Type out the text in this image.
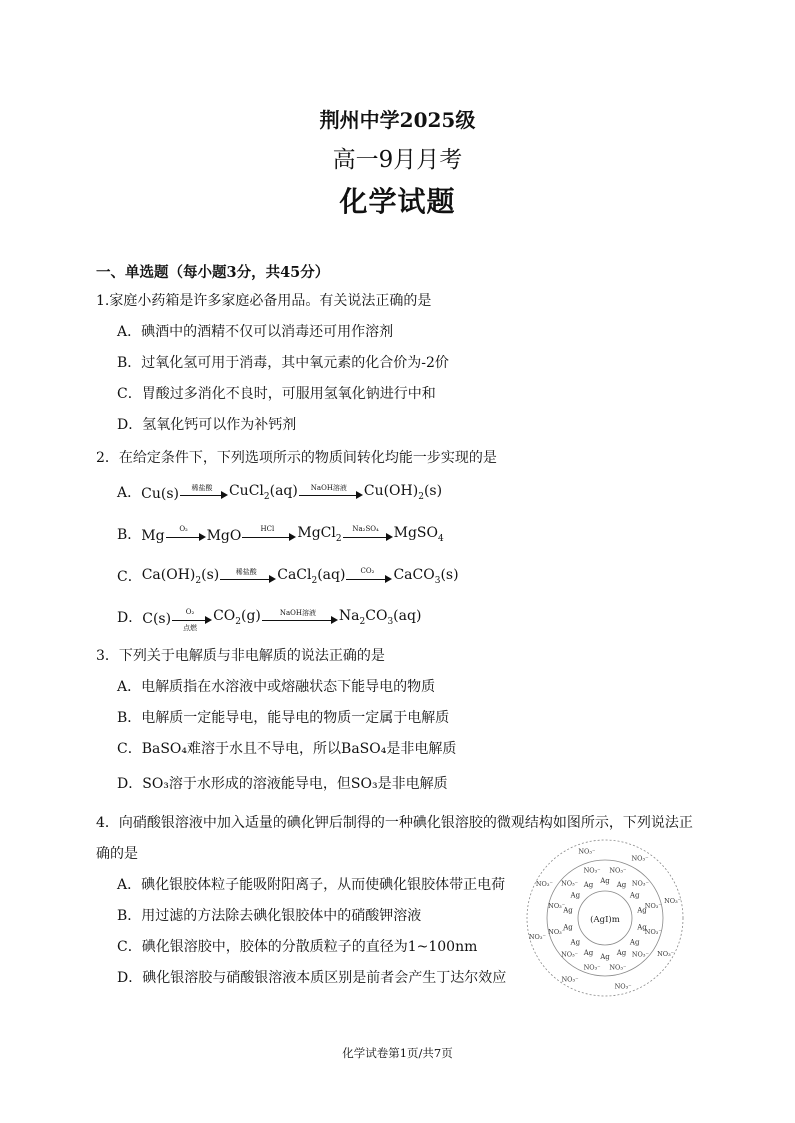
荆州中学2025级
高一9月月考
化学试题
一、单选题（每小题3分，共45分）
1.家庭小药箱是许多家庭必备用品。有关说法正确的是
A．碘酒中的酒精不仅可以消毒还可用作溶剂
B．过氧化氢可用于消毒，其中氧元素的化合价为-2价
C．胃酸过多消化不良时，可服用氢氧化钠进行中和
D．氢氧化钙可以作为补钙剂
2．在给定条件下，下列选项所示的物质间转化均能一步实现的是
A． Cu(s)	稀盐酸	CuCl$_2$(aq)	NaOH溶液	$Cu(OH)_2(s)$
B． Mg	O₂	MgO	HCl	MgCl$_2$
Na₂SO₄	MgSO$_4$
C． $Ca(OH)_2(s)$	稀盐酸	CaCl$_2$(aq)	CO₂	CaCO$_3$(s)
D． C(s)	O₂
点燃
$CO_2(g)$	NaOH溶液	$Na_2CO_3(aq)$
3．下列关于电解质与非电解质的说法正确的是
A．电解质指在水溶液中或熔融状态下能导电的物质
B．电解质一定能导电，能导电的物质一定属于电解质
C．BaSO₄难溶于水且不导电，所以BaSO₄是非电解质
D．SO₃溶于水形成的溶液能导电，但SO₃是非电解质
4．向硝酸银溶液中加入适量的碘化钾后制得的一种碘化银溶胶的微观结构如图所示，下列说法正
确的是
A．碘化银胶体粒子能吸附阳离子，从而使碘化银胶体带正电荷
B．用过滤的方法除去碘化银胶体中的硝酸钾溶液
C．碘化银溶胶中，胶体的分散质粒子的直径为1~100nm
D．碘化银溶胶与硝酸银溶液本质区别是前者会产生丁达尔效应
(AgI)m
Ag Ag
Ag
Ag
Ag
Ag
Ag
Ag
Ag
Ag
Ag
Ag
Ag
Ag
NO₃⁻
NO₃⁻
NO₃⁻
NO₃⁻
NO₃⁻
NO₃⁻
NO₃⁻
NO₃⁻
NO₃⁻
NO₃⁻
NO₃⁻
NO₃⁻
NO₃⁻
NO₃⁻
NO₃⁻
NO₃⁻
NO₃⁻
NO₃⁻
NO₃⁻
NO₃⁻
化学试卷第1页/共7页
